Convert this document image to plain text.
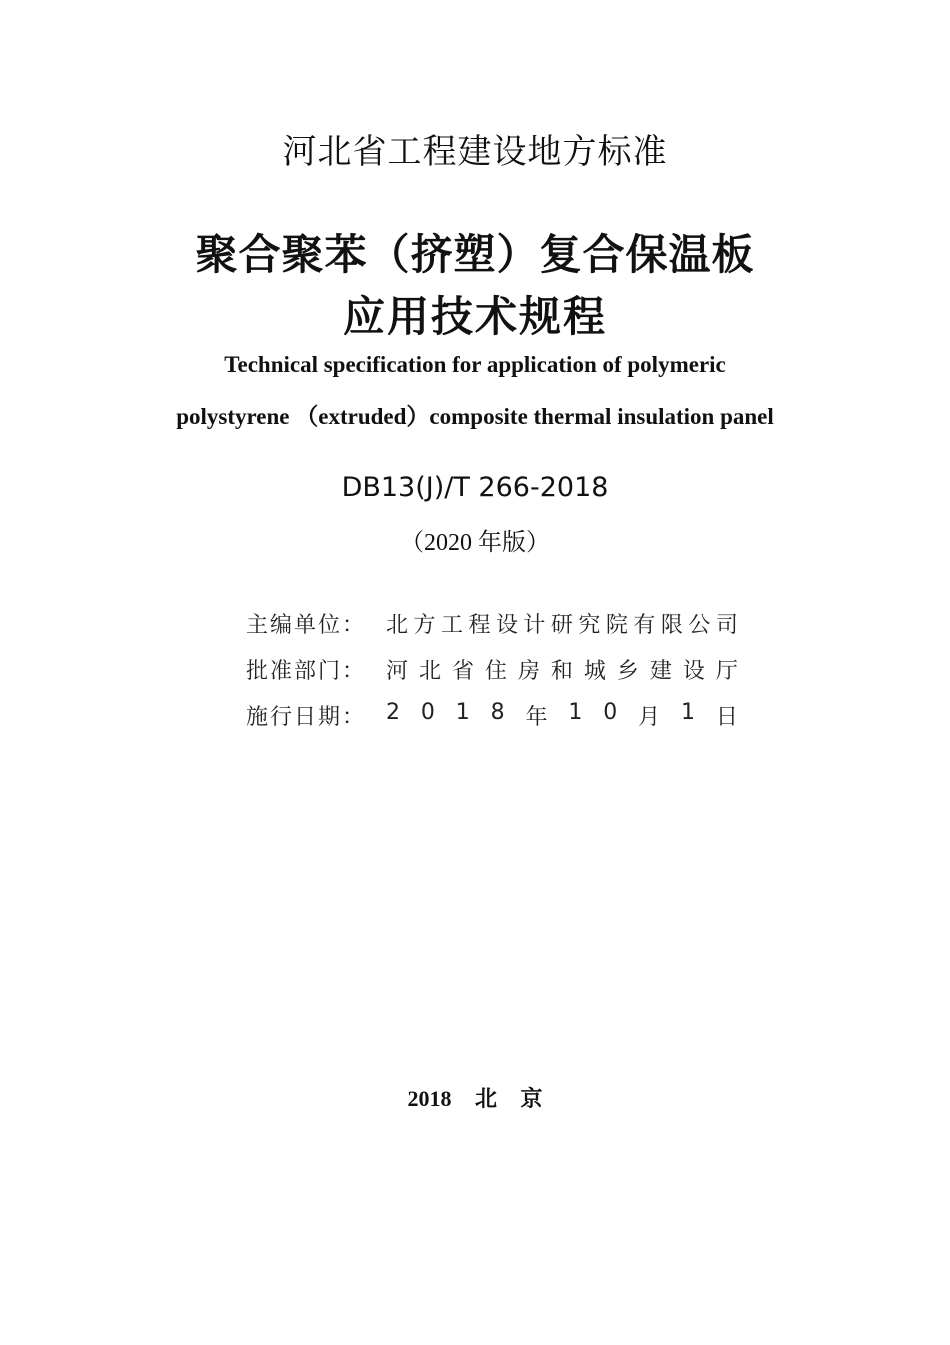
河北省工程建设地方标准
聚合聚苯（挤塑）复合保温板
应用技术规程
Technical specification for application of polymeric
polystyrene （extruded）composite thermal insulation panel
DB13(J)/T 266-2018
（2020 年版）
主编单位： 北 方 工 程 设 计 研 究 院 有 限 公 司
批准部门： 河 北 省 住 房 和 城 乡 建 设 厅
施行日期： 2 0 1 8 年 1 0 月 1 日
2018 北 京
